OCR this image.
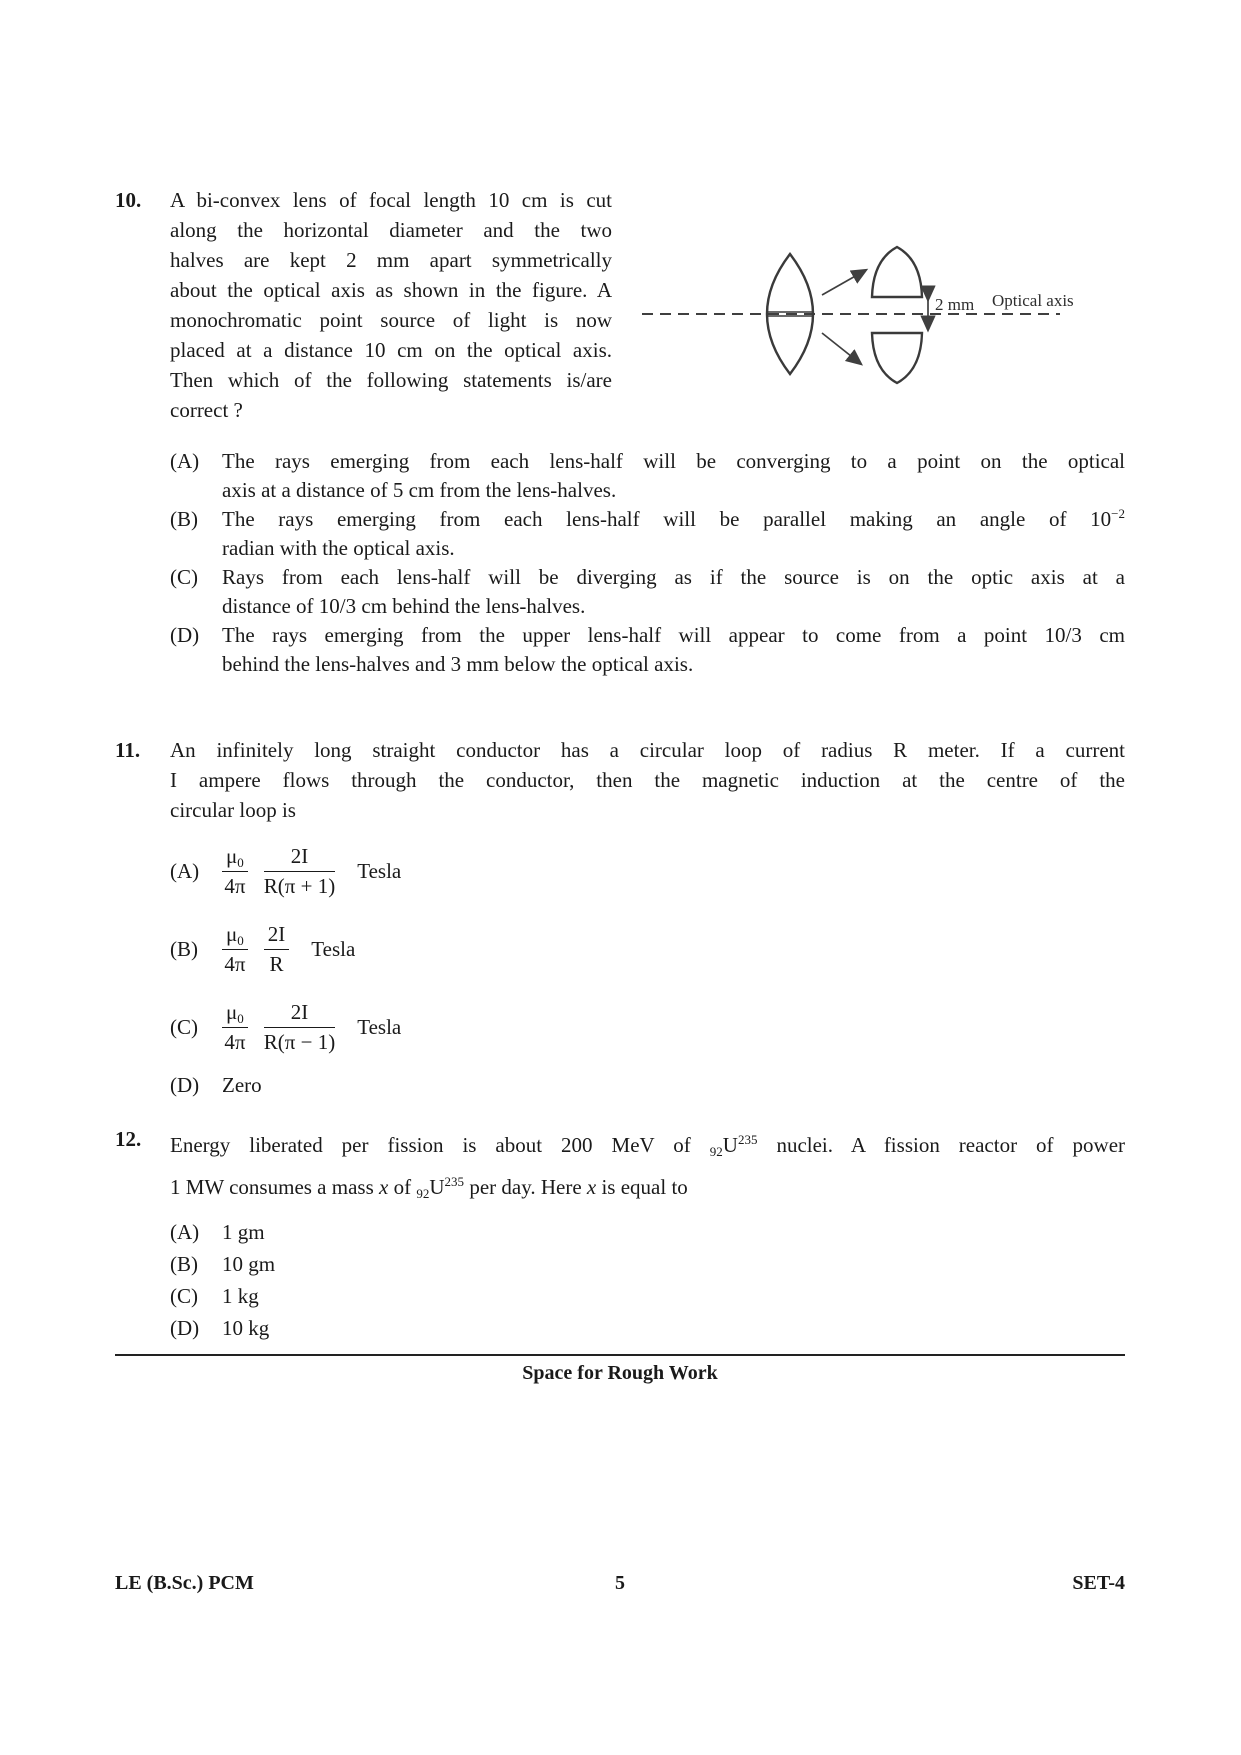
10.	A bi-convex lens of focal length 10 cm is cut
along the horizontal diameter and the two
halves are kept 2 mm apart symmetrically
about the optical axis as shown in the figure. A
monochromatic point source of light is now
placed at a distance 10 cm on the optical axis.
Then which of the following statements is/are
correct ?
2 mm Optical axis
(A)	The rays emerging from each lens-half will be converging to a point on the optical
axis at a distance of 5 cm from the lens-halves.
(B)	The rays emerging from each lens-half will be parallel making an angle of $10^{-2}$
radian with the optical axis.
(C)	Rays from each lens-half will be diverging as if the source is on the optic axis at a
distance of 10/3 cm behind the lens-halves.
(D)	The rays emerging from the upper lens-half will appear to come from a point 10/3 cm
behind the lens-halves and 3 mm below the optical axis.
11.	An infinitely long straight conductor has a circular loop of radius R meter. If a current
I ampere flows through the conductor, then the magnetic induction at the centre of the
circular loop is
(A)	$\frac{\mu_0}{4\pi} \frac{2I}{R(\pi + 1)}$ Tesla
(B)	$\frac{\mu_0}{4\pi} \frac{2I}{R}$ Tesla
(C)	$\frac{\mu_0}{4\pi} \frac{2I}{R(\pi - 1)}$ Tesla
(D)	Zero
12.	Energy liberated per fission is about 200 MeV of $_{92}U^{235}$ nuclei. A fission reactor of power
1 MW consumes a mass x of $_{92}U^{235}$ per day. Here x is equal to
(A)	1 gm
(B)	10 gm
(C)	1 kg
(D)	10 kg
Space for Rough Work
LE (B.Sc.) PCM	5	SET-4
